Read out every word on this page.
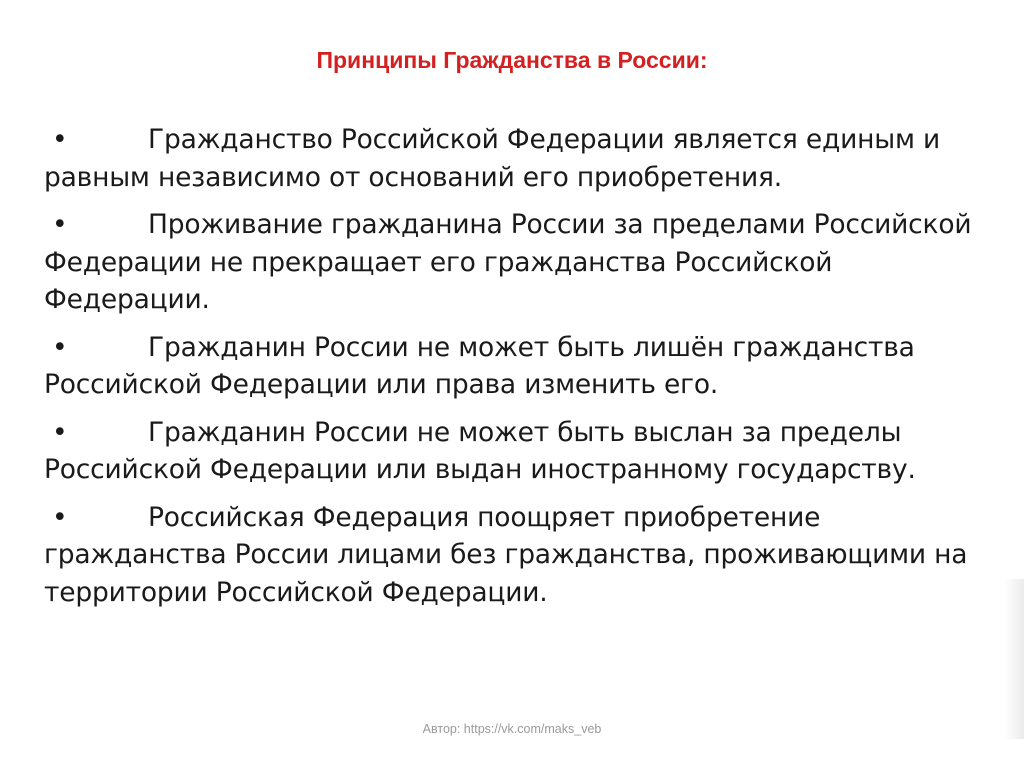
Принципы Гражданства в России:
•	Гражданство Российской Федерации является единым и равным независимо от оснований его приобретения.
•	Проживание гражданина России за пределами Российской Федерации не прекращает его гражданства Российской Федерации.
•	Гражданин России не может быть лишён гражданства Российской Федерации или права изменить его.
•	Гражданин России не может быть выслан за пределы Российской Федерации или выдан иностранному государству.
•	Российская Федерация поощряет приобретение гражданства России лицами без гражданства, проживающими на территории Российской Федерации.
Автор: https://vk.com/maks_veb
